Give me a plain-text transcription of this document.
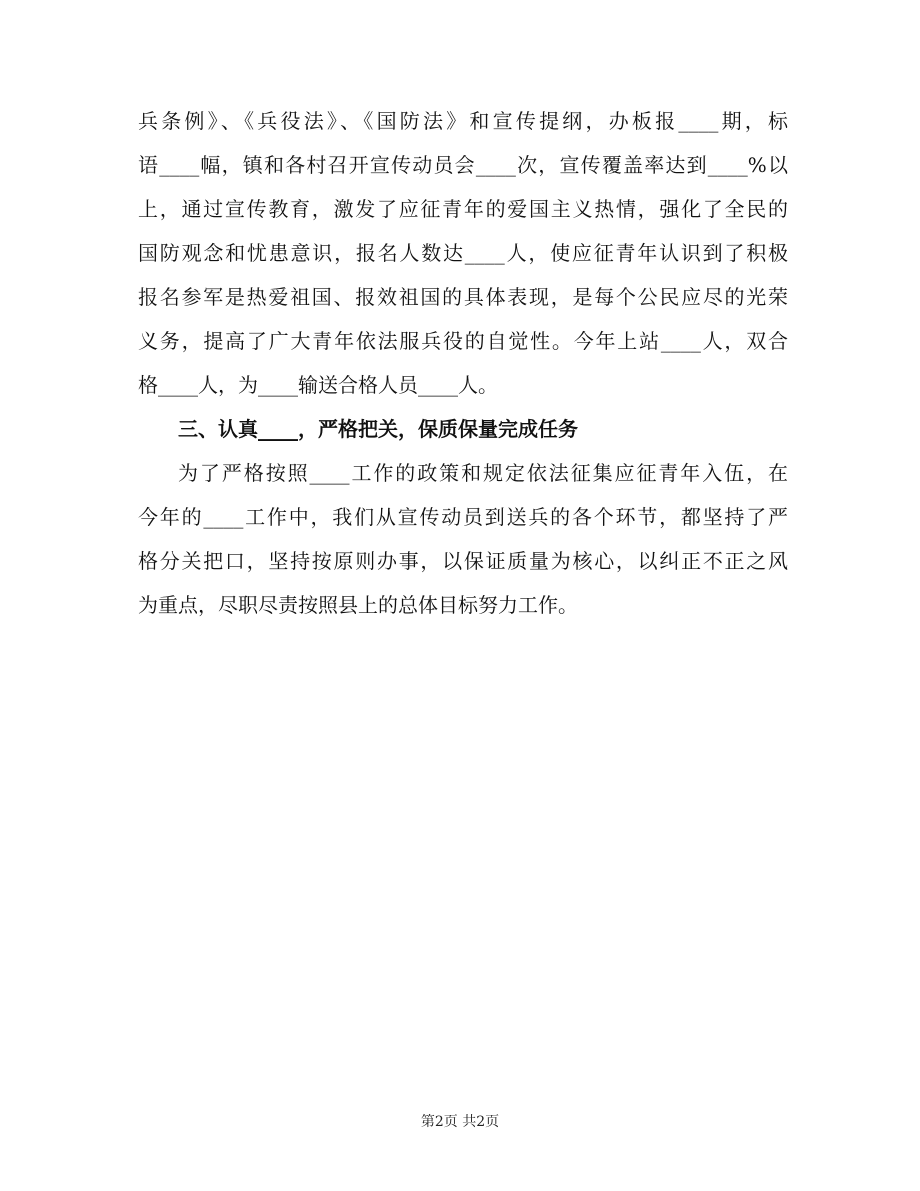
兵条例》、《兵役法》、《国防法》和宣传提纲，办板报____期，标
语____幅，镇和各村召开宣传动员会____次，宣传覆盖率达到____%以
上，通过宣传教育，激发了应征青年的爱国主义热情，强化了全民的
国防观念和忧患意识，报名人数达____人，使应征青年认识到了积极
报名参军是热爱祖国、报效祖国的具体表现，是每个公民应尽的光荣
义务，提高了广大青年依法服兵役的自觉性。今年上站____人，双合
格____人，为____输送合格人员____人。
三、认真____，严格把关，保质保量完成任务
为了严格按照____工作的政策和规定依法征集应征青年入伍，在
今年的____工作中，我们从宣传动员到送兵的各个环节，都坚持了严
格分关把口，坚持按原则办事，以保证质量为核心，以纠正不正之风
为重点，尽职尽责按照县上的总体目标努力工作。
第2页 共2页
